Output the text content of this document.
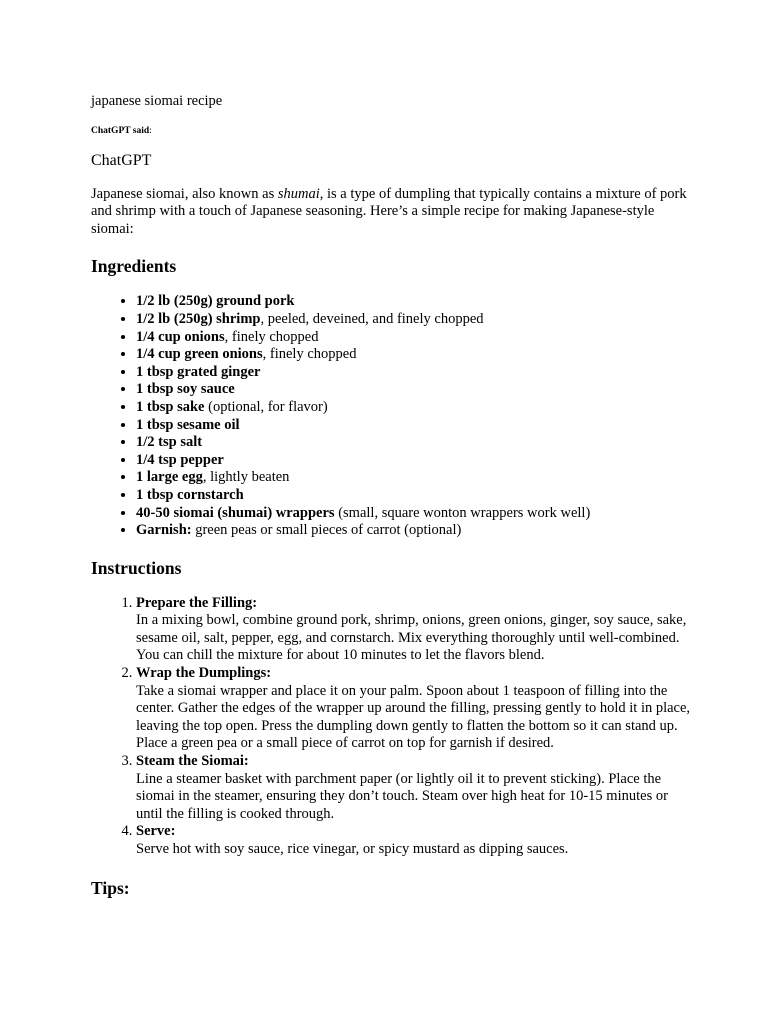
japanese siomai recipe

ChatGPT said:

ChatGPT

Japanese siomai, also known as shumai, is a type of dumpling that typically contains a mixture of pork and shrimp with a touch of Japanese seasoning. Here’s a simple recipe for making Japanese-style siomai:

Ingredients
• 1/2 lb (250g) ground pork
• 1/2 lb (250g) shrimp, peeled, deveined, and finely chopped
• 1/4 cup onions, finely chopped
• 1/4 cup green onions, finely chopped
• 1 tbsp grated ginger
• 1 tbsp soy sauce
• 1 tbsp sake (optional, for flavor)
• 1 tbsp sesame oil
• 1/2 tsp salt
• 1/4 tsp pepper
• 1 large egg, lightly beaten
• 1 tbsp cornstarch
• 40-50 siomai (shumai) wrappers (small, square wonton wrappers work well)
• Garnish: green peas or small pieces of carrot (optional)
Instructions
1. Prepare the Filling:
In a mixing bowl, combine ground pork, shrimp, onions, green onions, ginger, soy sauce, sake, sesame oil, salt, pepper, egg, and cornstarch. Mix everything thoroughly until well-combined. You can chill the mixture for about 10 minutes to let the flavors blend.
2. Wrap the Dumplings:
Take a siomai wrapper and place it on your palm. Spoon about 1 teaspoon of filling into the center. Gather the edges of the wrapper up around the filling, pressing gently to hold it in place, leaving the top open. Press the dumpling down gently to flatten the bottom so it can stand up. Place a green pea or a small piece of carrot on top for garnish if desired.
3. Steam the Siomai:
Line a steamer basket with parchment paper (or lightly oil it to prevent sticking). Place the siomai in the steamer, ensuring they don’t touch. Steam over high heat for 10-15 minutes or until the filling is cooked through.
4. Serve:
Serve hot with soy sauce, rice vinegar, or spicy mustard as dipping sauces.
Tips:
